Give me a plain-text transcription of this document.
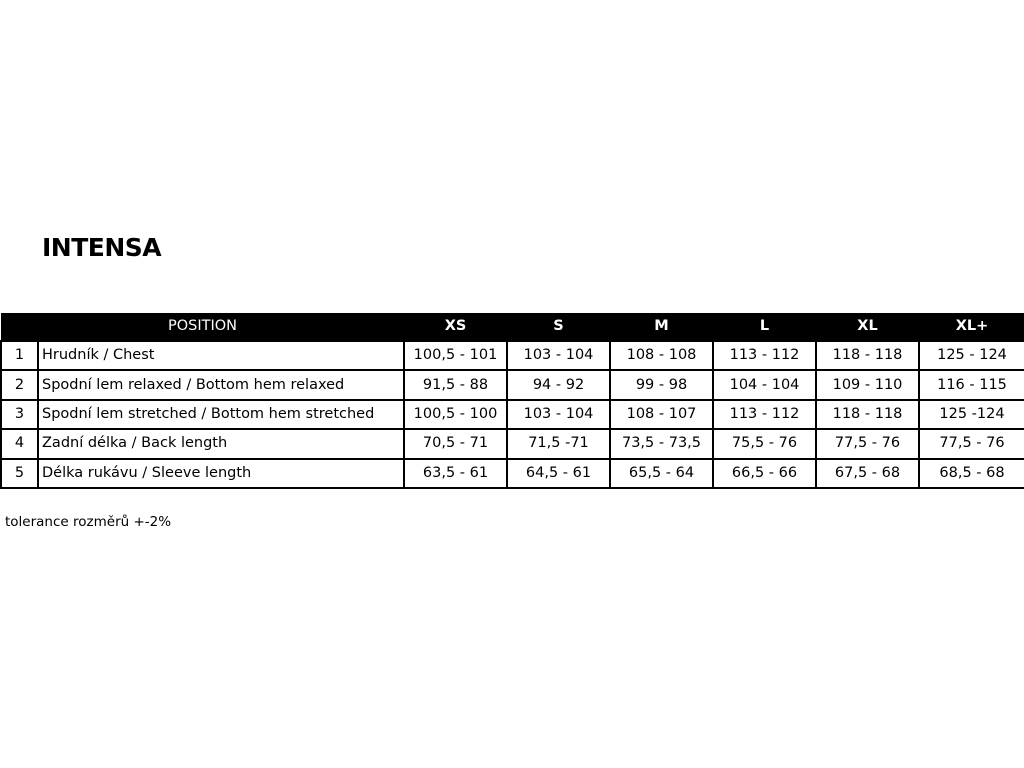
INTENSA
POSITION		XS	S	M	L	XL	XL+
1	Hrudník / Chest	100,5 - 101	103 - 104	108 - 108	113 - 112	118 - 118	125 - 124
2	Spodní lem relaxed / Bottom hem relaxed	91,5 - 88	94 - 92	99 - 98	104 - 104	109 - 110	116 - 115
3	Spodní lem stretched / Bottom hem stretched	100,5 - 100	103 - 104	108 - 107	113 - 112	118 - 118	125 -124
4	Zadní délka / Back length	70,5 - 71	71,5 -71	73,5 - 73,5	75,5 - 76	77,5 - 76	77,5 - 76
5	Délka rukávu / Sleeve length	63,5 - 61	64,5 - 61	65,5 - 64	66,5 - 66	67,5 - 68	68,5 - 68

tolerance rozměrů +-2%
